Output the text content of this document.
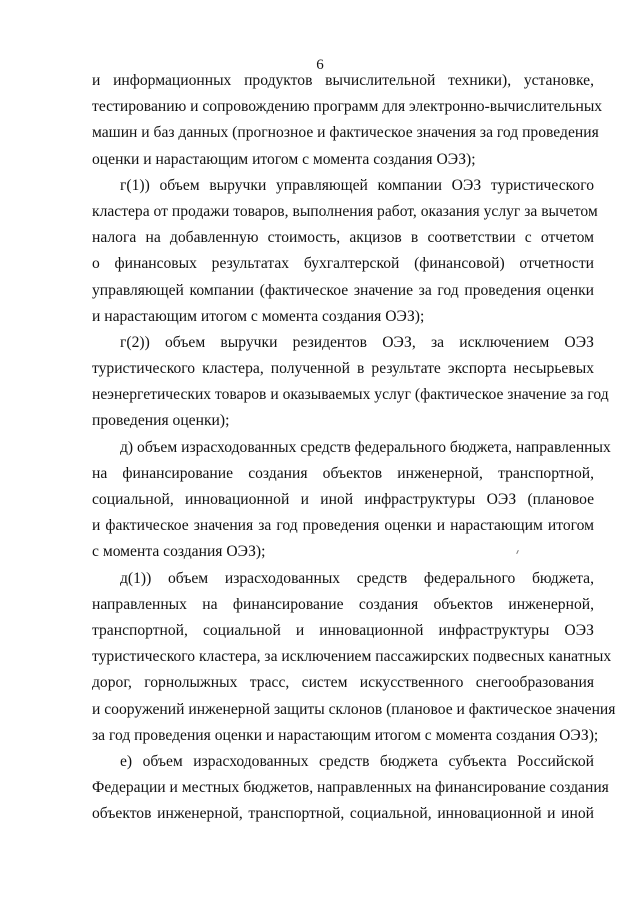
6
и информационных продуктов вычислительной техники), установке,
тестированию и сопровождению программ для электронно-вычислительных
машин и баз данных (прогнозное и фактическое значения за год проведения
оценки и нарастающим итогом с момента создания ОЭЗ);
г(1)) объем выручки управляющей компании ОЭЗ туристического
кластера от продажи товаров, выполнения работ, оказания услуг за вычетом
налога на добавленную стоимость, акцизов в соответствии с отчетом
о финансовых результатах бухгалтерской (финансовой) отчетности
управляющей компании (фактическое значение за год проведения оценки
и нарастающим итогом с момента создания ОЭЗ);
г(2)) объем выручки резидентов ОЭЗ, за исключением ОЭЗ
туристического кластера, полученной в результате экспорта несырьевых
неэнергетических товаров и оказываемых услуг (фактическое значение за год
проведения оценки);
д) объем израсходованных средств федерального бюджета, направленных
на финансирование создания объектов инженерной, транспортной,
социальной, инновационной и иной инфраструктуры ОЭЗ (плановое
и фактическое значения за год проведения оценки и нарастающим итогом
с момента создания ОЭЗ);
д(1)) объем израсходованных средств федерального бюджета,
направленных на финансирование создания объектов инженерной,
транспортной, социальной и инновационной инфраструктуры ОЭЗ
туристического кластера, за исключением пассажирских подвесных канатных
дорог, горнолыжных трасс, систем искусственного снегообразования
и сооружений инженерной защиты склонов (плановое и фактическое значения
за год проведения оценки и нарастающим итогом с момента создания ОЭЗ);
е) объем израсходованных средств бюджета субъекта Российской
Федерации и местных бюджетов, направленных на финансирование создания
объектов инженерной, транспортной, социальной, инновационной и иной
